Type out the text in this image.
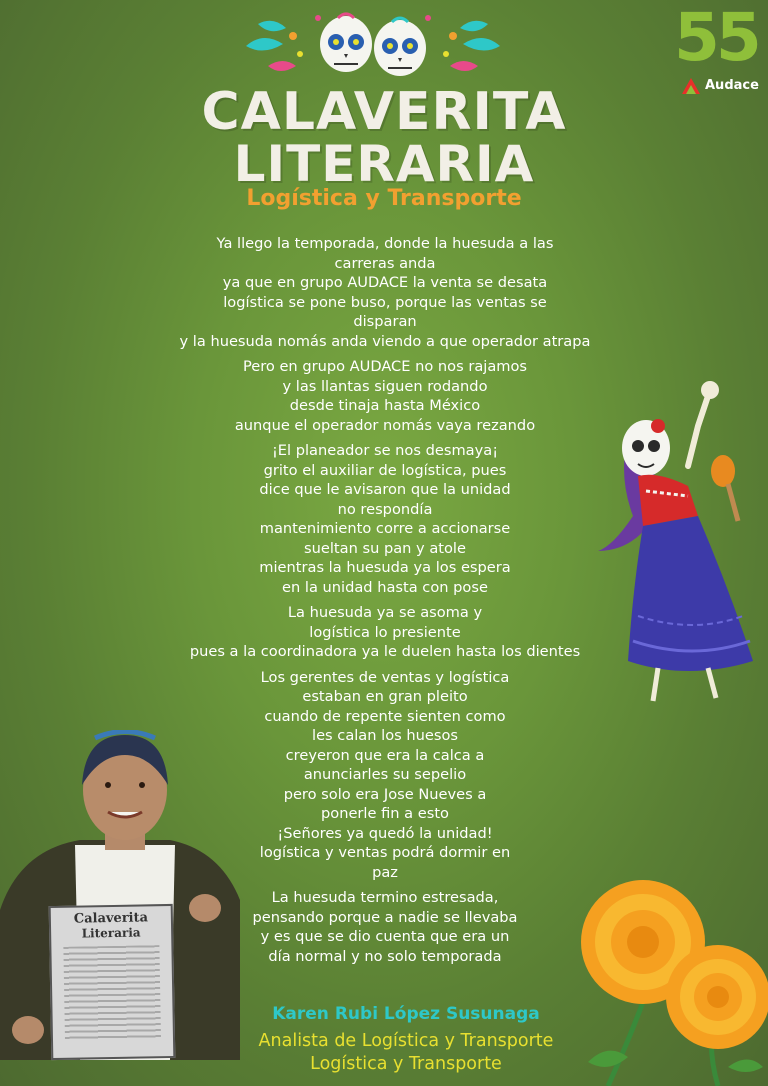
55
Audace
CALAVERITA
LITERARIA
Logística y Transporte
Ya llego la temporada, donde la huesuda a las
carreras anda
ya que en grupo AUDACE la venta se desata
logística se pone buso, porque las ventas se
disparan
y la huesuda nomás anda viendo a que operador atrapa
Pero en grupo AUDACE no nos rajamos
y las llantas siguen rodando
desde tinaja hasta México
aunque el operador nomás vaya rezando
¡El planeador se nos desmaya¡
grito el auxiliar de logística, pues
dice que le avisaron que la unidad
no respondía
mantenimiento corre a accionarse
sueltan su pan y atole
mientras la huesuda ya los espera
en la unidad hasta con pose
La huesuda ya se asoma y
logística lo presiente
pues a la coordinadora ya le duelen hasta los dientes
Los gerentes de ventas y logística
estaban en gran pleito
cuando de repente sienten como
les calan los huesos
creyeron que era la calca a
anunciarles su sepelio
pero solo era Jose Nueves a
ponerle fin a esto
¡Señores ya quedó la unidad!
logística y ventas podrá dormir en
paz
La huesuda termino estresada,
pensando porque a nadie se llevaba
y es que se dio cuenta que era un
día normal y no solo temporada
Calaverita
Literaria
Karen Rubi López Susunaga
Analista de Logística y Transporte
Logística y Transporte
